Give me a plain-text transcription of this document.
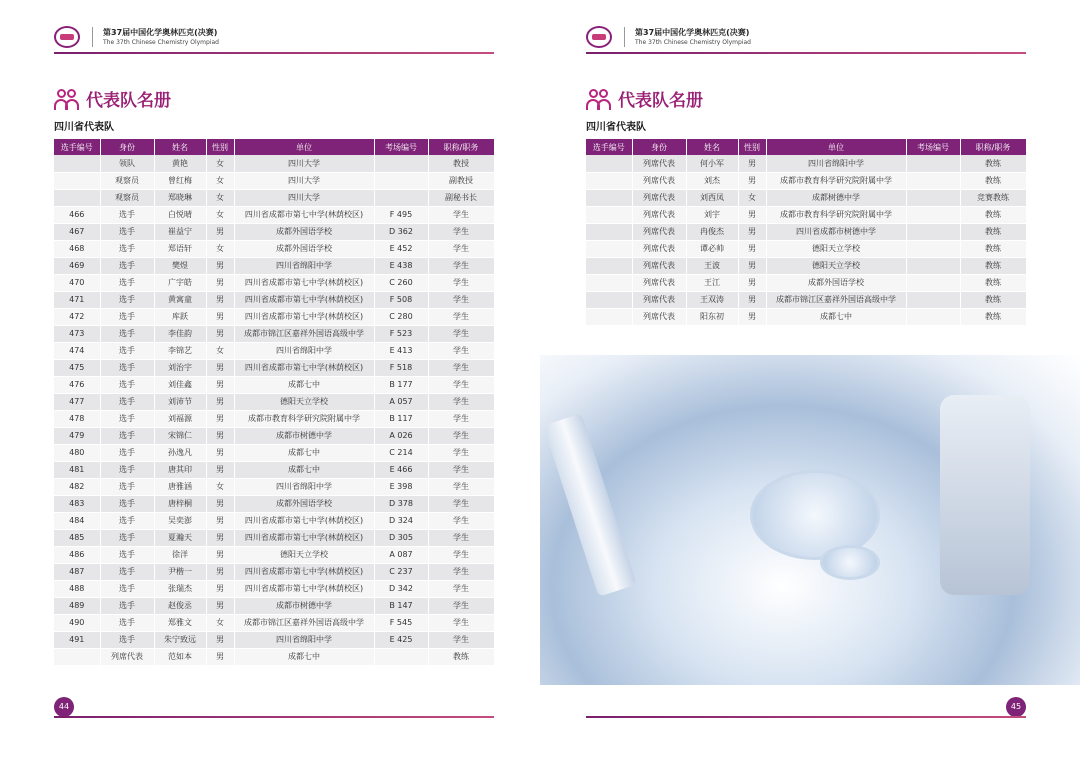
第37届中国化学奥林匹克(决赛)
The 37th Chinese Chemistry Olympiad
代表队名册
四川省代表队
选手编号	身份	姓名	性别	单位	考场编号	职称/职务
	领队	黄艳	女	四川大学		教授
	观察员	曾红梅	女	四川大学		副教授
	观察员	郑晓琳	女	四川大学		副秘书长
466	选手	白悦晴	女	四川省成都市第七中学(林荫校区)	F 495	学生
467	选手	崔益宁	男	成都外国语学校	D 362	学生
468	选手	郑语轩	女	成都外国语学校	E 452	学生
469	选手	樊煜	男	四川省绵阳中学	E 438	学生
470	选手	广宇皓	男	四川省成都市第七中学(林荫校区)	C 260	学生
471	选手	黄寓童	男	四川省成都市第七中学(林荫校区)	F 508	学生
472	选手	库跃	男	四川省成都市第七中学(林荫校区)	C 280	学生
473	选手	李佳韵	男	成都市锦江区嘉祥外国语高级中学	F 523	学生
474	选手	李锦艺	女	四川省绵阳中学	E 413	学生
475	选手	刘治宇	男	四川省成都市第七中学(林荫校区)	F 518	学生
476	选手	刘佳鑫	男	成都七中	B 177	学生
477	选手	刘沛节	男	德阳天立学校	A 057	学生
478	选手	刘福源	男	成都市教育科学研究院附属中学	B 117	学生
479	选手	宋锦仁	男	成都市树德中学	A 026	学生
480	选手	孙逸凡	男	成都七中	C 214	学生
481	选手	唐其印	男	成都七中	E 466	学生
482	选手	唐雅涵	女	四川省绵阳中学	E 398	学生
483	选手	唐梓桐	男	成都外国语学校	D 378	学生
484	选手	吴奕澎	男	四川省成都市第七中学(林荫校区)	D 324	学生
485	选手	夏瀚天	男	四川省成都市第七中学(林荫校区)	D 305	学生
486	选手	徐洋	男	德阳天立学校	A 087	学生
487	选手	尹楷一	男	四川省成都市第七中学(林荫校区)	C 237	学生
488	选手	张瑞杰	男	四川省成都市第七中学(林荫校区)	D 342	学生
489	选手	赵俊丞	男	成都市树德中学	B 147	学生
490	选手	郑雅文	女	成都市锦江区嘉祥外国语高级中学	F 545	学生
491	选手	朱宁致远	男	四川省绵阳中学	E 425	学生
	列席代表	范如本	男	成都七中		教练
44
第37届中国化学奥林匹克(决赛)
The 37th Chinese Chemistry Olympiad
代表队名册
四川省代表队
选手编号	身份	姓名	性别	单位	考场编号	职称/职务
	列席代表	何小军	男	四川省绵阳中学		教练
	列席代表	刘杰	男	成都市教育科学研究院附属中学		教练
	列席代表	刘西凤	女	成都树德中学		竞赛教练
	列席代表	刘宇	男	成都市教育科学研究院附属中学		教练
	列席代表	冉俊杰	男	四川省成都市树德中学		教练
	列席代表	谭必帅	男	德阳天立学校		教练
	列席代表	王波	男	德阳天立学校		教练
	列席代表	王江	男	成都外国语学校		教练
	列席代表	王双涛	男	成都市锦江区嘉祥外国语高级中学		教练
	列席代表	阳东初	男	成都七中		教练
45
